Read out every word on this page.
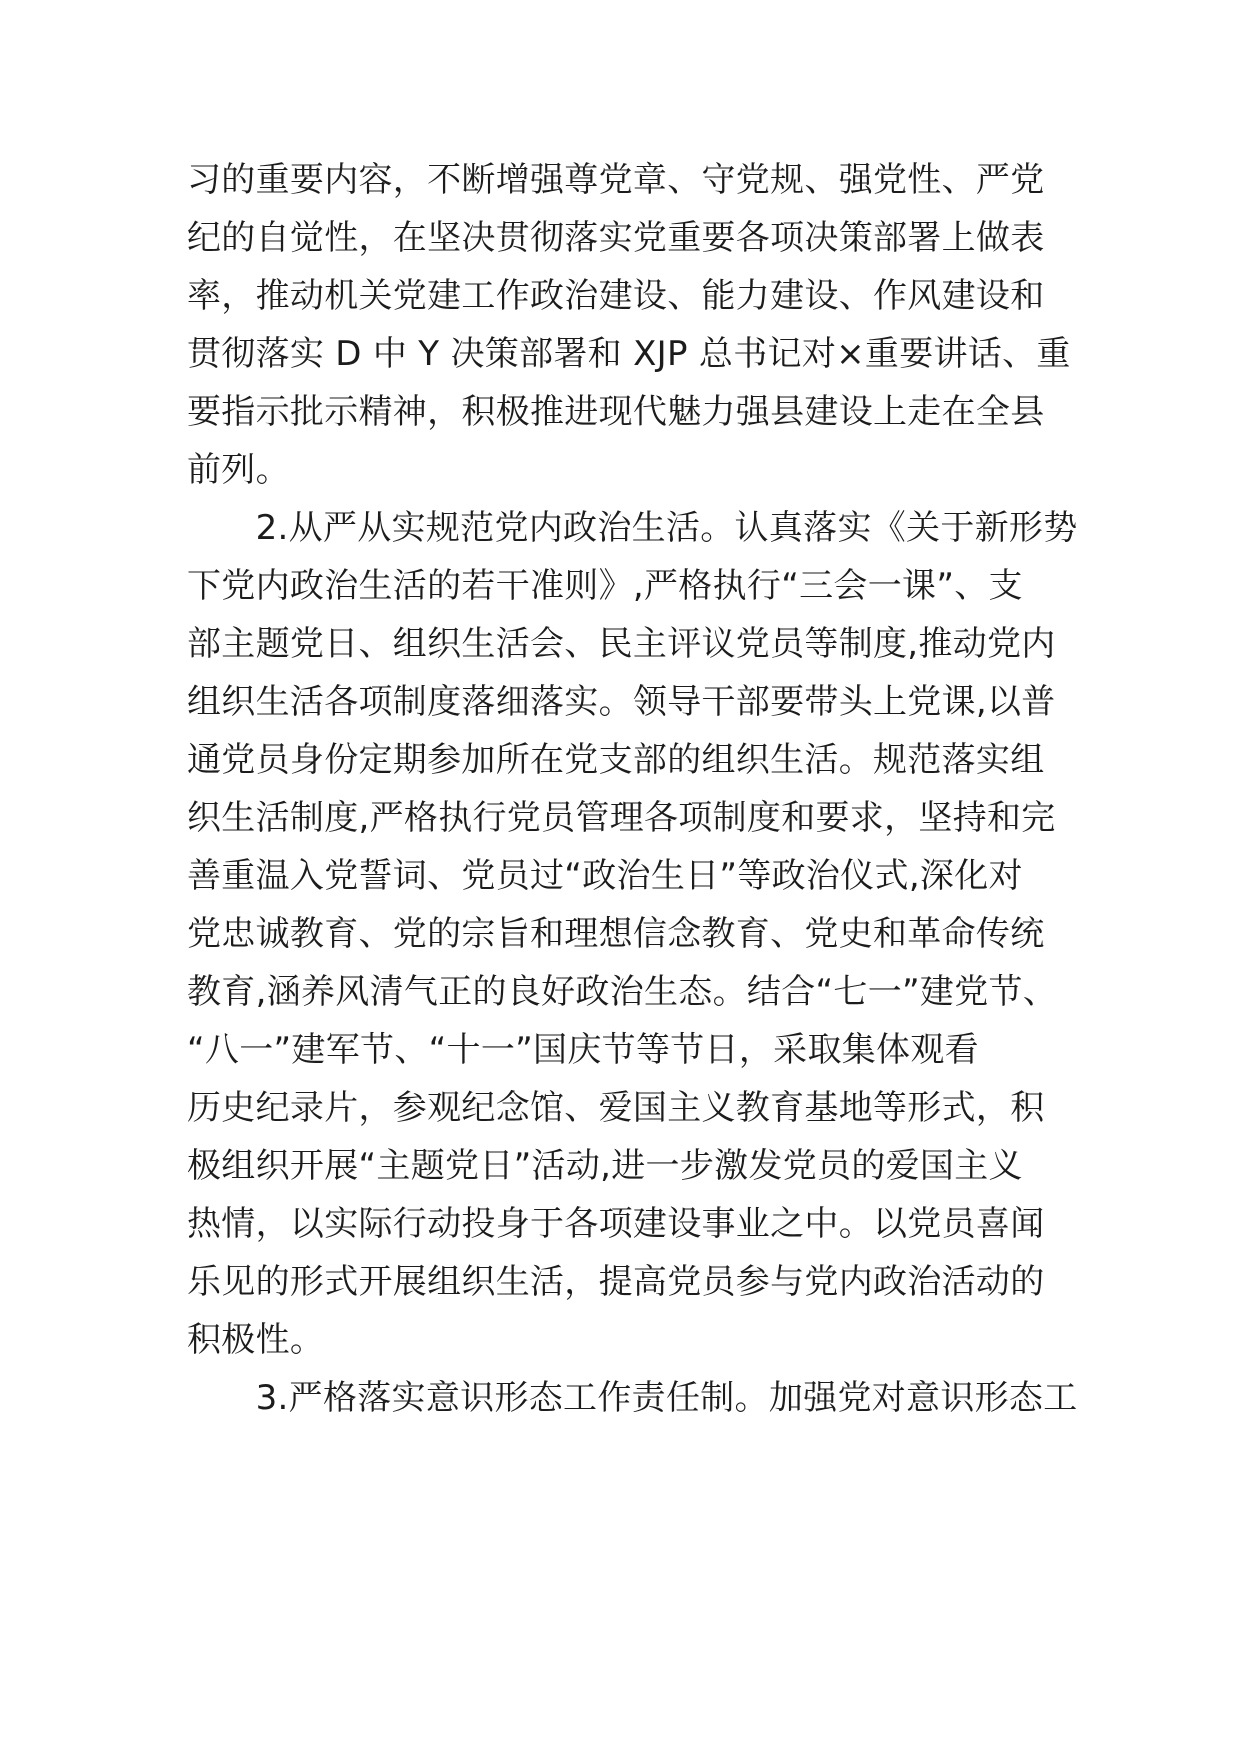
习的重要内容，不断增强尊党章、守党规、强党性、严党
纪的自觉性，在坚决贯彻落实党重要各项决策部署上做表
率，推动机关党建工作政治建设、能力建设、作风建设和
贯彻落实 D 中 Y 决策部署和 XJP 总书记对×重要讲话、重
要指示批示精神，积极推进现代魅力强县建设上走在全县
前列。
　　2.从严从实规范党内政治生活。认真落实《关于新形势
下党内政治生活的若干准则》,严格执行“三会一课”、支
部主题党日、组织生活会、民主评议党员等制度,推动党内
组织生活各项制度落细落实。领导干部要带头上党课,以普
通党员身份定期参加所在党支部的组织生活。规范落实组
织生活制度,严格执行党员管理各项制度和要求，坚持和完
善重温入党誓词、党员过“政治生日”等政治仪式,深化对
党忠诚教育、党的宗旨和理想信念教育、党史和革命传统
教育,涵养风清气正的良好政治生态。结合“七一”建党节、
“八一”建军节、“十一”国庆节等节日，采取集体观看
历史纪录片，参观纪念馆、爱国主义教育基地等形式，积
极组织开展“主题党日”活动,进一步激发党员的爱国主义
热情，以实际行动投身于各项建设事业之中。以党员喜闻
乐见的形式开展组织生活，提高党员参与党内政治活动的
积极性。
　　3.严格落实意识形态工作责任制。加强党对意识形态工
